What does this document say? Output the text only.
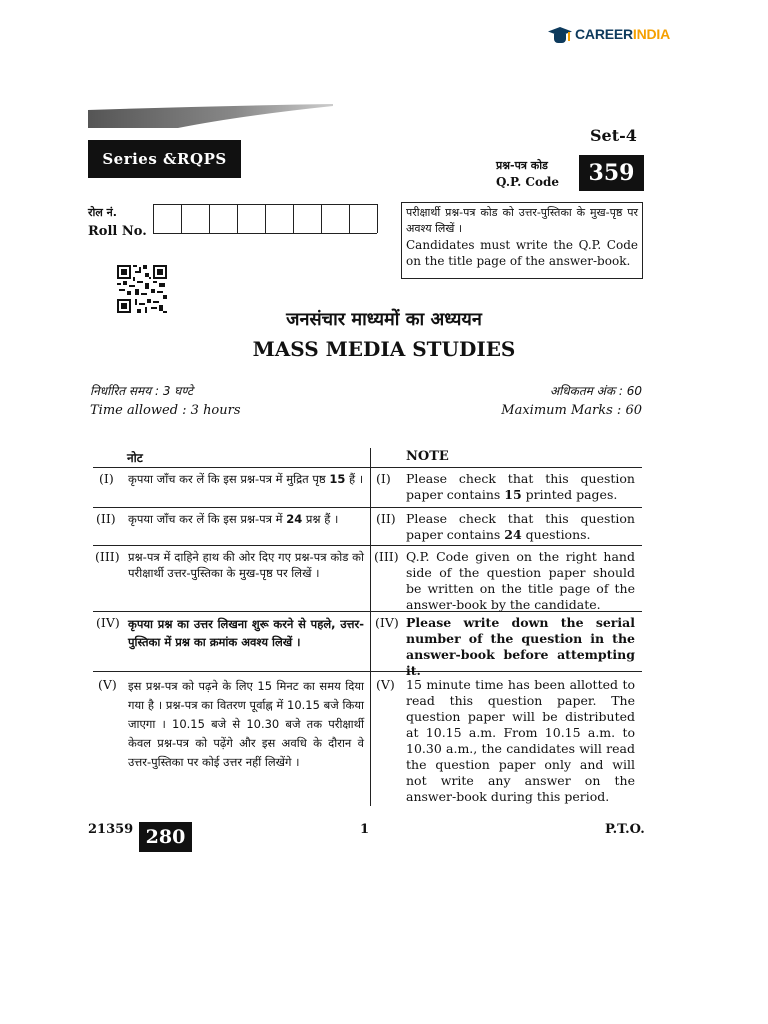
CAREERINDIA
Series &RQPS
Set-4
प्रश्न-पत्र कोड
Q.P. Code	359
रोल नं.
Roll No.
परीक्षार्थी प्रश्न-पत्र कोड को उत्तर-पुस्तिका के मुख-पृष्ठ पर अवश्य लिखें ।
Candidates must write the Q.P. Code on the title page of the answer-book.
जनसंचार माध्यमों का अध्ययन
MASS MEDIA STUDIES
निर्धारित समय : 3 घण्टे
Time allowed : 3 hours
अधिकतम अंक : 60
Maximum Marks : 60
नोट	NOTE
(I) कृपया जाँच कर लें कि इस प्रश्न-पत्र में मुद्रित पृष्ठ 15 हैं । (I) Please check that this question paper contains 15 printed pages.
(II) कृपया जाँच कर लें कि इस प्रश्न-पत्र में 24 प्रश्न हैं ।	(II) Please check that this question paper contains 24 questions.
(III) प्रश्न-पत्र में दाहिने हाथ की ओर दिए गए प्रश्न-पत्र कोड को परीक्षार्थी उत्तर-पुस्तिका के मुख-पृष्ठ पर लिखें ।
(III) Q.P. Code given on the right hand side of the question paper should be written on the title page of the answer-book by the candidate.
(IV) कृपया प्रश्न का उत्तर लिखना शुरू करने से पहले, उत्तर-पुस्तिका में प्रश्न का क्रमांक अवश्य लिखें ।
(IV) Please write down the serial number of the question in the answer-book before attempting it.
(V) इस प्रश्न-पत्र को पढ़ने के लिए 15 मिनट का समय दिया गया है । प्रश्न-पत्र का वितरण पूर्वाह्न में 10.15 बजे किया जाएगा । 10.15 बजे से 10.30 बजे तक परीक्षार्थी केवल प्रश्न-पत्र को पढ़ेंगे और इस अवधि के दौरान वे उत्तर-पुस्तिका पर कोई उत्तर नहीं लिखेंगे ।
(V) 15 minute time has been allotted to read this question paper. The question paper will be distributed at 10.15 a.m. From 10.15 a.m. to 10.30 a.m., the candidates will read the question paper only and will not write any answer on the answer-book during this period.
21359 280	1	P.T.O.
